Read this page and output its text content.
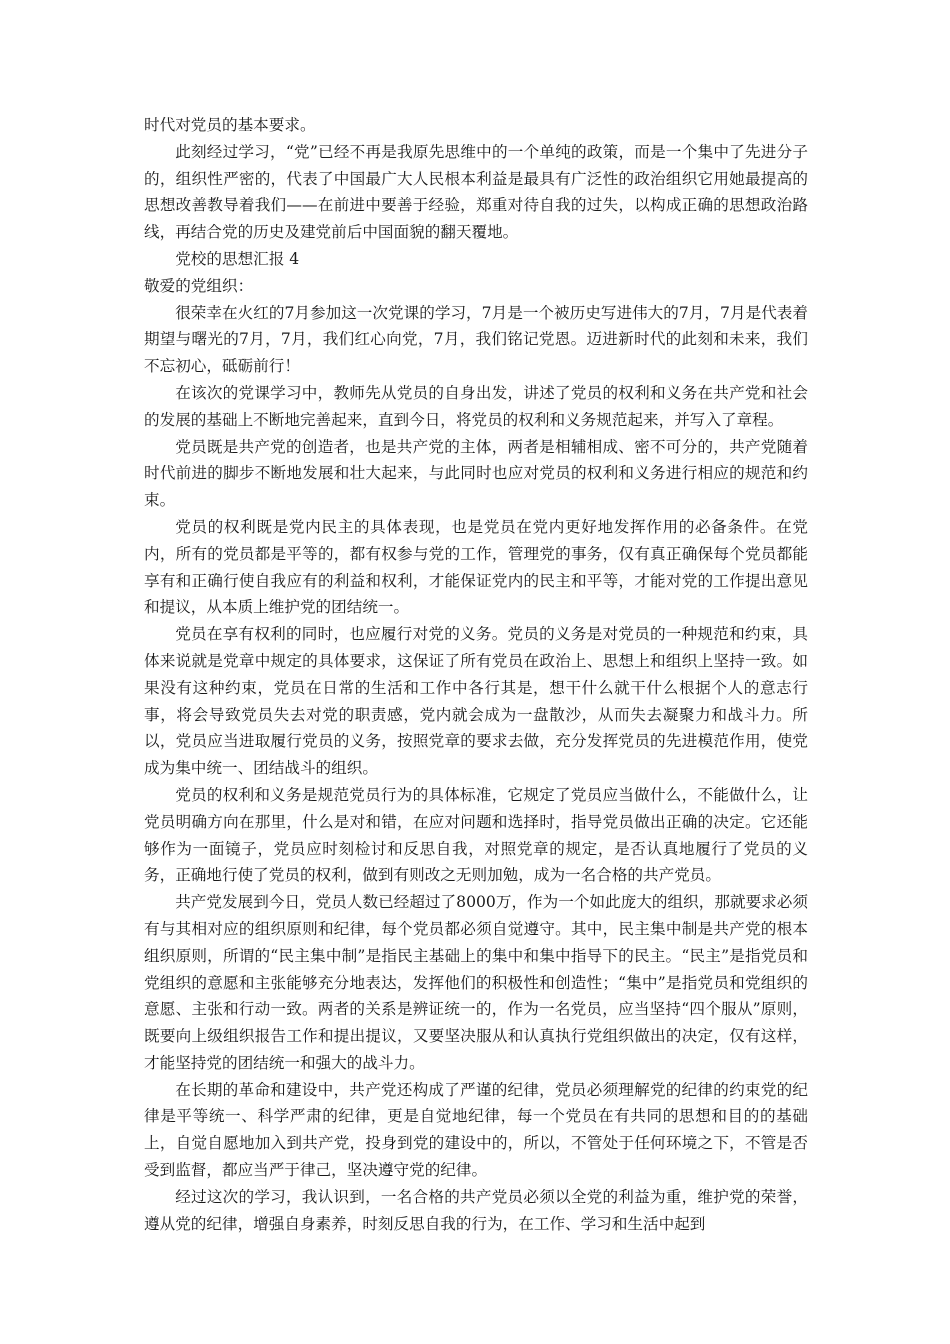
时代对党员的基本要求。

此刻经过学习，“党”已经不再是我原先思维中的一个单纯的政策，而是一个集中了先进分子的，组织性严密的，代表了中国最广大人民根本利益是最具有广泛性的政治组织它用她最提高的思想改善教导着我们——在前进中要善于经验，郑重对待自我的过失，以构成正确的思想政治路线，再结合党的历史及建党前后中国面貌的翻天覆地。

党校的思想汇报 4

敬爱的党组织：

很荣幸在火红的7月参加这一次党课的学习，7月是一个被历史写进伟大的7月，7月是代表着期望与曙光的7月，7月，我们红心向党，7月，我们铭记党恩。迈进新时代的此刻和未来，我们不忘初心，砥砺前行！

在该次的党课学习中，教师先从党员的自身出发，讲述了党员的权利和义务在共产党和社会的发展的基础上不断地完善起来，直到今日，将党员的权利和义务规范起来，并写入了章程。

党员既是共产党的创造者，也是共产党的主体，两者是相辅相成、密不可分的，共产党随着时代前进的脚步不断地发展和壮大起来，与此同时也应对党员的权利和义务进行相应的规范和约束。

党员的权利既是党内民主的具体表现，也是党员在党内更好地发挥作用的必备条件。在党内，所有的党员都是平等的，都有权参与党的工作，管理党的事务，仅有真正确保每个党员都能享有和正确行使自我应有的利益和权利，才能保证党内的民主和平等，才能对党的工作提出意见和提议，从本质上维护党的团结统一。

党员在享有权利的同时，也应履行对党的义务。党员的义务是对党员的一种规范和约束，具体来说就是党章中规定的具体要求，这保证了所有党员在政治上、思想上和组织上坚持一致。如果没有这种约束，党员在日常的生活和工作中各行其是，想干什么就干什么根据个人的意志行事，将会导致党员失去对党的职责感，党内就会成为一盘散沙，从而失去凝聚力和战斗力。所以，党员应当进取履行党员的义务，按照党章的要求去做，充分发挥党员的先进模范作用，使党成为集中统一、团结战斗的组织。

党员的权利和义务是规范党员行为的具体标准，它规定了党员应当做什么，不能做什么，让党员明确方向在那里，什么是对和错，在应对问题和选择时，指导党员做出正确的决定。它还能够作为一面镜子，党员应时刻检讨和反思自我，对照党章的规定，是否认真地履行了党员的义务，正确地行使了党员的权利，做到有则改之无则加勉，成为一名合格的共产党员。

共产党发展到今日，党员人数已经超过了8000万，作为一个如此庞大的组织，那就要求必须有与其相对应的组织原则和纪律，每个党员都必须自觉遵守。其中，民主集中制是共产党的根本组织原则，所谓的“民主集中制”是指民主基础上的集中和集中指导下的民主。“民主”是指党员和党组织的意愿和主张能够充分地表达，发挥他们的积极性和创造性；“集中”是指党员和党组织的意愿、主张和行动一致。两者的关系是辨证统一的，作为一名党员，应当坚持“四个服从”原则，既要向上级组织报告工作和提出提议，又要坚决服从和认真执行党组织做出的决定，仅有这样，才能坚持党的团结统一和强大的战斗力。

在长期的革命和建设中，共产党还构成了严谨的纪律，党员必须理解党的纪律的约束党的纪律是平等统一、科学严肃的纪律，更是自觉地纪律，每一个党员在有共同的思想和目的的基础上，自觉自愿地加入到共产党，投身到党的建设中的，所以，不管处于任何环境之下，不管是否受到监督，都应当严于律己，坚决遵守党的纪律。

经过这次的学习，我认识到，一名合格的共产党员必须以全党的利益为重，维护党的荣誉，遵从党的纪律，增强自身素养，时刻反思自我的行为，在工作、学习和生活中起到
